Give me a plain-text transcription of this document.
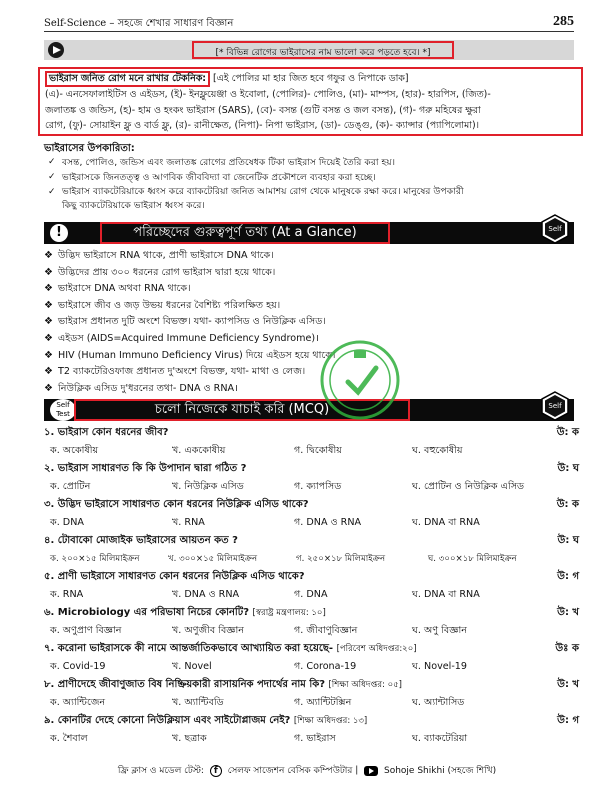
Self-Science – সহজে শেখার সাধারণ বিজ্ঞান	285
[* বিভিন্ন রোগের ভাইরাসের নাম ভালো করে পড়তে হবে। *]
ভাইরাস জনিত রোগ মনে রাখার টেকনিক: [এই পোলির মা হার জিত হবে গফুর ও নিপাকে ডাক]
(এ)- এনসেফালাইটিস ও এইডস, (ই)- ইনফ্লুয়েঞ্জা ও ইবোলা, (পোলির)- পোলিও, (মা)- মাম্পস, (হার)- হারপিস, (জিত)-
জলাতঙ্ক ও জন্ডিস, (হ)- হাম ও হংকং ভাইরাস (SARS), (বে)- বসন্ত (গুটি বসন্ত ও জল বসন্ত), (গ)- গরু মহিষের ক্ষুরা
রোগ, (ফু)- সোয়াইন ফ্লু ও বার্ড ফ্লু, (র)- রানীক্ষেত, (নিপা)- নিপা ভাইরাস, (ডা)- ডেঙ্গু, (ক)- ক্যান্সার (প্যাপিলোমা)।
ভাইরাসের উপকারিতা:
✓ বসন্ত, পোলিও, জন্ডিস এবং জলাতঙ্ক রোগের প্রতিষেধক টিকা ভাইরাস দিয়েই তৈরি করা হয়।
✓ ভাইরাসকে জিনতত্ত্ব ও আণবিক জীববিদ্যা বা জেনেটিক প্রকৌশলে ব্যবহার করা হচ্ছে।
✓ ভাইরাস ব্যাকটেরিয়াকে ধ্বংস করে ব্যাকটেরিয়া জনিত আমাশয় রোগ থেকে মানুষকে রক্ষা করে। মানুষের উপকারী
কিছু ব্যাকটেরিয়াকে ভাইরাস ধ্বংস করে।
!	পরিচ্ছেদের গুরুত্বপূর্ণ তথ্য (At a Glance)	Self
❖ উদ্ভিদ ভাইরাসে RNA থাকে, প্রাণী ভাইরাসে DNA থাকে।
❖ উদ্ভিদের প্রায় ৩০০ ধরনের রোগ ভাইরাস দ্বারা হয়ে থাকে।
❖ ভাইরাসে DNA অথবা RNA থাকে।
❖ ভাইরাসে জীব ও জড় উভয় ধরনের বৈশিষ্ট্য পরিলক্ষিত হয়।
❖ ভাইরাস প্রধানত দুটি অংশে বিভক্ত। যথা- ক্যাপসিড ও নিউক্লিক এসিড।
❖ এইডস (AIDS=Acquired Immune Deficiency Syndrome)।
❖ HIV (Human Immuno Deficiency Virus) দিয়ে এইডস হয়ে থাকে।
❖ T2 ব্যাকটেরিওফাজ প্রধানত দু'অংশে বিভক্ত, যথা- মাথা ও লেজ।
❖ নিউক্লিক এসিড দু'ধরনের তথা- DNA ও RNA।
Self Test	চলো নিজেকে যাচাই করি (MCQ)	Self
১. ভাইরাস কোন ধরনের জীব?	উ: ক
ক. অকোষীয়	খ. এককোষীয়	গ. দ্বিকোষীয়	ঘ. বহুকোষীয়
২. ভাইরাস সাধারণত কি কি উপাদান দ্বারা গঠিত ?	উ: ঘ
ক. প্রোটিন	খ. নিউক্লিক এসিড	গ. ক্যাপসিড	ঘ. প্রোটিন ও নিউক্লিক এসিড
৩. উদ্ভিদ ভাইরাসে সাধারণত কোন ধরনের নিউক্লিক এসিড থাকে?	উ: ক
ক. DNA	খ. RNA	গ. DNA ও RNA	ঘ. DNA বা RNA
৪. টোবাকো মোজাইক ভাইরাসের আয়তন কত ?	উ: ঘ
ক. ২০০×১৫ মিলিমাইক্রন	খ. ৩০০×১৫ মিলিমাইক্রন	গ. ২৫০×১৮ মিলিমাইক্রন	ঘ. ৩০০×১৮ মিলিমাইক্রন
৫. প্রাণী ভাইরাসে সাধারণত কোন ধরনের নিউক্লিক এসিড থাকে?	উ: গ
ক. RNA	খ. DNA ও RNA	গ. DNA	ঘ. DNA বা RNA
৬. Microbiology এর পরিভাষা নিচের কোনটি? [স্বরাষ্ট্র মন্ত্রণালয়: ১০]	উ: খ
ক. অণুপ্রাণ বিজ্ঞান	খ. অণুজীব বিজ্ঞান	গ. জীবাণুবিজ্ঞান	ঘ. অণু বিজ্ঞান
৭. করোনা ভাইরাসকে কী নামে আন্তর্জাতিকভাবে আখ্যায়িত করা হয়েছে- [পরিবেশ অধিদপ্তর:২০]	উঃ ক
ক. Covid-19	খ. Novel	গ. Corona-19	ঘ. Novel-19
৮. প্রাণীদেহে জীবাণুজাত বিষ নিষ্ক্রিয়কারী রাসায়নিক পদার্থের নাম কি? [শিক্ষা অধিদপ্তর: ০৫]	উ: খ
ক. অ্যান্টিজেন	খ. অ্যান্টিবডি	গ. অ্যান্টিটক্সিন	ঘ. অ্যান্টাসিড
৯. কোনটির দেহে কোনো নিউক্লিয়াস এবং সাইটোপ্লাজম নেই? [শিক্ষা অধিদপ্তর: ১৩]	উ: গ
ক. শৈবাল	খ. ছত্রাক	গ. ভাইরাস	ঘ. ব্যাকটেরিয়া
ফ্রি ক্লাস ও মডেল টেস্ট: f সেলফ সাজেশন বেসিক কম্পিউটার |	Sohoje Shikhi (সহজে শিখি)
